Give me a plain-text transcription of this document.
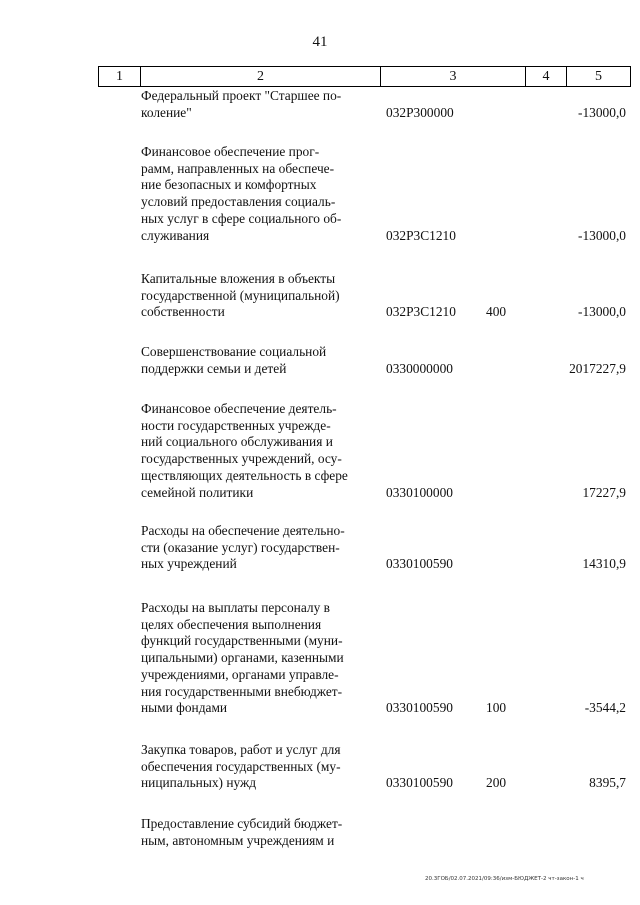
41
1	2	3	4	5
Федеральный проект "Старшее по-
коление"	032Р300000	-13000,0
Финансовое обеспечение прог-
рамм, направленных на обеспече-
ние безопасных и комфортных
условий предоставления социаль-
ных услуг в сфере социального об-
служивания	032Р3С1210	-13000,0
Капитальные вложения в объекты
государственной (муниципальной)
собственности	032Р3С1210 400	-13000,0
Совершенствование социальной
поддержки семьи и детей	0330000000	2017227,9
Финансовое обеспечение деятель-
ности государственных учрежде-
ний социального обслуживания и
государственных учреждений, осу-
ществляющих деятельность в сфере
семейной политики	0330100000	17227,9
Расходы на обеспечение деятельно-
сти (оказание услуг) государствен-
ных учреждений	0330100590	14310,9
Расходы на выплаты персоналу в
целях обеспечения выполнения
функций государственными (муни-
ципальными) органами, казенными
учреждениями, органами управле-
ния государственными внебюджет-
ными фондами	0330100590 100	-3544,2
Закупка товаров, работ и услуг для
обеспечения государственных (му-
ниципальных) нужд	0330100590 200	8395,7
Предоставление субсидий бюджет-
ным, автономным учреждениям и
20.3ГОБ/02.07.2021/09:36/изм-БЮДЖЕТ-2 чт-закон-1 ч
